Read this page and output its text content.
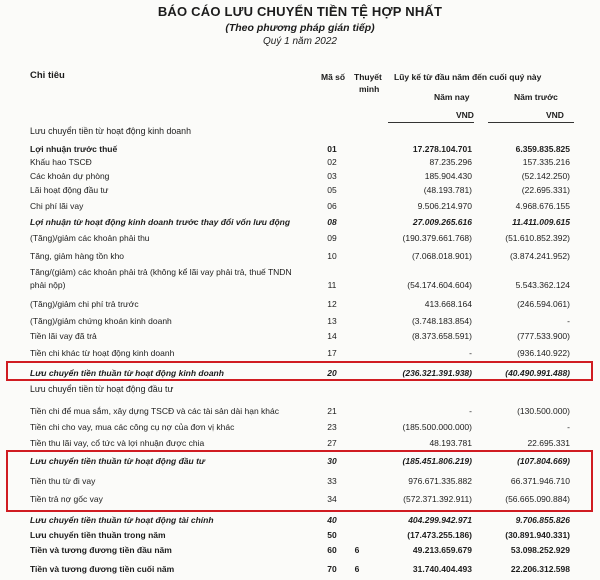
BÁO CÁO LƯU CHUYỂN TIỀN TỆ HỢP NHẤT
(Theo phương pháp gián tiếp)
Quý 1 năm 2022
Chỉ tiêu	Mã số Thuyết
minh
Lũy kế từ đầu năm đến cuối quý này
Năm nay	Năm trước
VND	VND
Lưu chuyển tiền từ hoạt động kinh doanh
Lợi nhuận trước thuế	01	17.278.104.701	6.359.835.825
Khấu hao TSCĐ	02	87.235.296	157.335.216
Các khoản dự phòng	03	185.904.430	(52.142.250)
Lãi hoạt động đầu tư	05	(48.193.781)	(22.695.331)
Chi phí lãi vay	06	9.506.214.970	4.968.676.155
Lợi nhuận từ hoạt động kinh doanh trước thay đổi vốn lưu động	08	27.009.265.616	11.411.009.615
(Tăng)/giảm các khoản phải thu	09	(190.379.661.768)	(51.610.852.392)
Tăng, giảm hàng tồn kho	10	(7.068.018.901)	(3.874.241.952)
Tăng/(giảm) các khoản phải trả (không kể lãi vay phải trả, thuế TNDN
phải nộp)	11	(54.174.604.604)	5.543.362.124
(Tăng)/giảm chi phí trả trước	12	413.668.164	(246.594.061)
(Tăng)/giảm chứng khoán kinh doanh	13	(3.748.183.854)	-
Tiền lãi vay đã trả	14	(8.373.658.591)	(777.533.900)
Tiền chi khác từ hoạt động kinh doanh	17	-	(936.140.922)
Lưu chuyển tiền thuần từ hoạt động kinh doanh	20	(236.321.391.938)	(40.490.991.488)
Lưu chuyển tiền từ hoạt động đầu tư
Tiền chi để mua sắm, xây dựng TSCĐ và các tài sản dài hạn khác	21	-	(130.500.000)
Tiền chi cho vay, mua các công cụ nợ của đơn vị khác	23	(185.500.000.000)	-
Tiền thu lãi vay, cổ tức và lợi nhuận được chia	27	48.193.781	22.695.331
Lưu chuyển tiền thuần từ hoạt động đầu tư	30	(185.451.806.219)	(107.804.669)
Tiền thu từ đi vay	33	976.671.335.882	66.371.946.710
Tiền trả nợ gốc vay	34	(572.371.392.911)	(56.665.090.884)
Lưu chuyển tiền thuần từ hoạt động tài chính	40	404.299.942.971	9.706.855.826
Lưu chuyển tiền thuần trong năm	50	(17.473.255.186)	(30.891.940.331)
Tiền và tương đương tiền đầu năm	60	6	49.213.659.679	53.098.252.929
Tiền và tương đương tiền cuối năm	70	6	31.740.404.493	22.206.312.598
